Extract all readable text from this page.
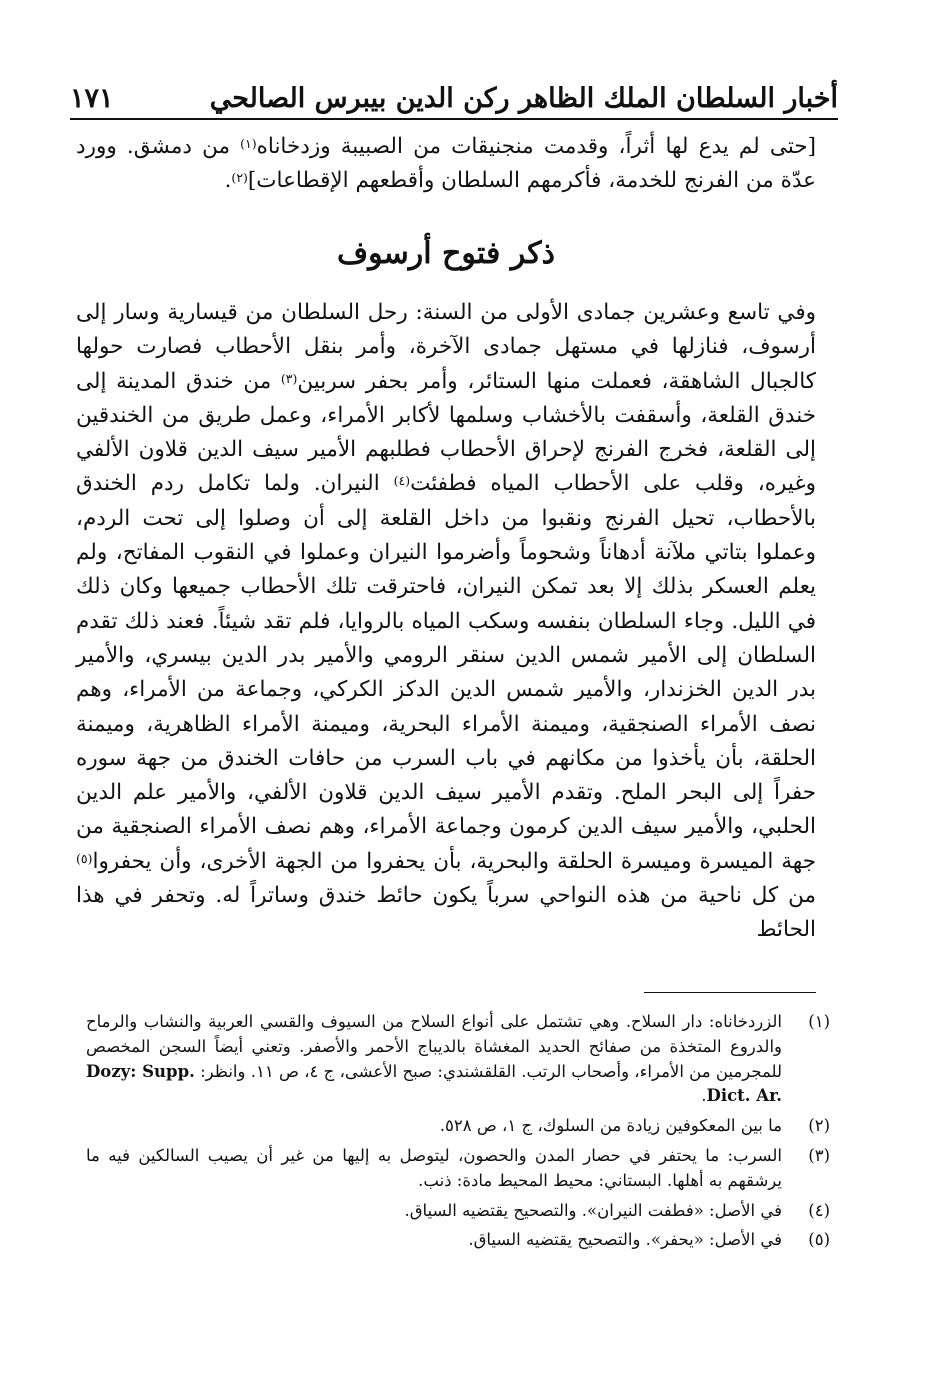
أخبار السلطان الملك الظاهر ركن الدين بيبرس الصالحي
١٧١

[حتى لم يدع لها أثراً، وقدمت منجنيقات من الصبيبة وزدخاناه$^{(١)}$ من دمشق. وورد عدّة من الفرنج للخدمة، فأكرمهم السلطان وأقطعهم الإقطاعات]$^{(٢)}$.

ذكر فتوح أرسوف

وفي تاسع وعشرين جمادى الأولى من السنة: رحل السلطان من قيسارية وسار إلى أرسوف، فنازلها في مستهل جمادى الآخرة، وأمر بنقل الأحطاب فصارت حولها كالجبال الشاهقة، فعملت منها الستائر، وأمر بحفر سربين$^{(٣)}$ من خندق المدينة إلى خندق القلعة، وأسقفت بالأخشاب وسلمها لأكابر الأمراء، وعمل طريق من الخندقين إلى القلعة، فخرج الفرنج لإحراق الأحطاب فطلبهم الأمير سيف الدين قلاون الألفي وغيره، وقلب على الأحطاب المياه فطفئت$^{(٤)}$ النيران. ولما تكامل ردم الخندق بالأحطاب، تحيل الفرنج ونقبوا من داخل القلعة إلى أن وصلوا إلى تحت الردم، وعملوا بتاتي ملآنة أدهاناً وشحوماً وأضرموا النيران وعملوا في النقوب المفاتح، ولم يعلم العسكر بذلك إلا بعد تمكن النيران، فاحترقت تلك الأحطاب جميعها وكان ذلك في الليل. وجاء السلطان بنفسه وسكب المياه بالروايا، فلم تقد شيئاً. فعند ذلك تقدم السلطان إلى الأمير شمس الدين سنقر الرومي والأمير بدر الدين بيسري، والأمير بدر الدين الخزندار، والأمير شمس الدين الدكز الكركي، وجماعة من الأمراء، وهم نصف الأمراء الصنجقية، وميمنة الأمراء البحرية، وميمنة الأمراء الظاهرية، وميمنة الحلقة، بأن يأخذوا من مكانهم في باب السرب من حافات الخندق من جهة سوره حفراً إلى البحر الملح. وتقدم الأمير سيف الدين قلاون الألفي، والأمير علم الدين الحلبي، والأمير سيف الدين كرمون وجماعة الأمراء، وهم نصف الأمراء الصنجقية من جهة الميسرة وميسرة الحلقة والبحرية، بأن يحفروا من الجهة الأخرى، وأن يحفروا$^{(٥)}$ من كل ناحية من هذه النواحي سرباً يكون حائط خندق وساتراً له. وتحفر في هذا الحائط

(١)
الزردخاناه: دار السلاح. وهي تشتمل على أنواع السلاح من السيوف والقسي العربية والنشاب والرماح والدروع المتخذة من صفائح الحديد المغشاة بالديباج الأحمر والأصفر. وتعني أيضاً السجن المخصص للمجرمين من الأمراء، وأصحاب الرتب. القلقشندي: صبح الأعشى، ج ٤، ص ١١. وانظر: Dozy: Supp. Dict. Ar..
(٢)
ما بين المعكوفين زيادة من السلوك، ج ١، ص ٥٢٨.
(٣)
السرب: ما يحتفر في حصار المدن والحصون، ليتوصل به إليها من غير أن يصيب السالكين فيه ما يرشقهم به أهلها. البستاني: محيط المحيط مادة: ذنب.
(٤)
في الأصل: «فطفت النيران». والتصحيح يقتضيه السياق.
(٥)
في الأصل: «يحفر». والتصحيح يقتضيه السياق.
